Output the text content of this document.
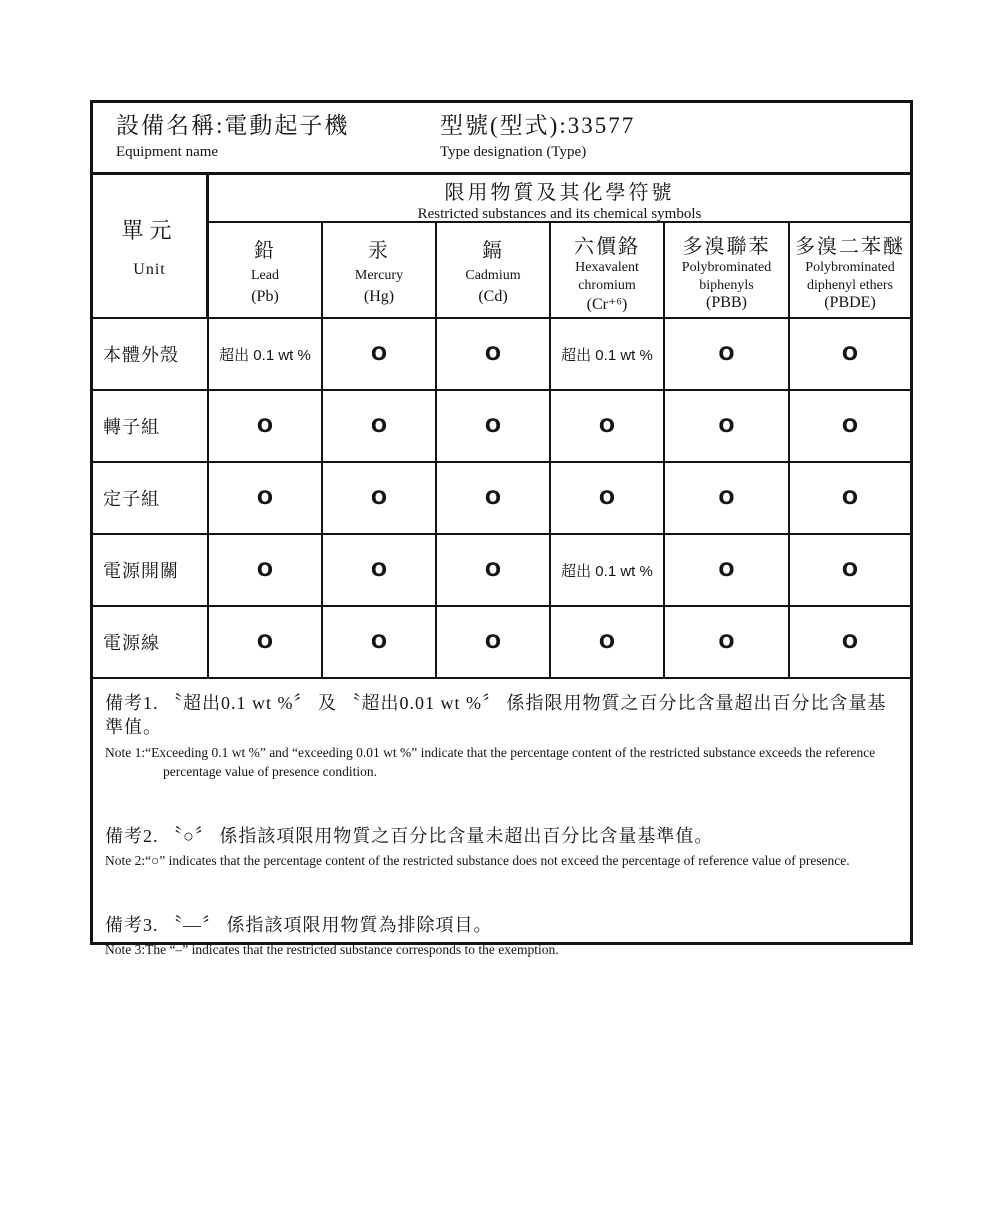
設備名稱:電動起子機
Equipment name
型號(型式):33577
Type designation (Type)
單元
Unit
限用物質及其化學符號
Restricted substances and its chemical symbols
鉛
Lead
(Pb)
汞
Mercury
(Hg)
鎘
Cadmium
(Cd)
六價鉻
Hexavalent chromium
(Cr⁺⁶)
多溴聯苯
Polybrominated biphenyls
(PBB)
多溴二苯醚
Polybrominated diphenyl ethers
(PBDE)
本體外殼	超出 0.1 wt %	O	O	超出 0.1 wt %	O	O
轉子組	O	O	O	O	O	O
定子組	O	O	O	O	O	O
電源開關	O	O	O	超出 0.1 wt %	O	O
電源線	O	O	O	O	O	O
備考1. 〝超出0.1 wt %〞 及 〝超出0.01 wt %〞 係指限用物質之百分比含量超出百分比含量基準值。
Note 1:“Exceeding 0.1 wt %” and “exceeding 0.01 wt %” indicate that the percentage content of the restricted substance exceeds the reference percentage value of presence condition.
備考2. 〝○〞 係指該項限用物質之百分比含量未超出百分比含量基準值。
Note 2:“○” indicates that the percentage content of the restricted substance does not exceed the percentage of reference value of presence.
備考3. 〝—〞 係指該項限用物質為排除項目。
Note 3:The “–” indicates that the restricted substance corresponds to the exemption.
